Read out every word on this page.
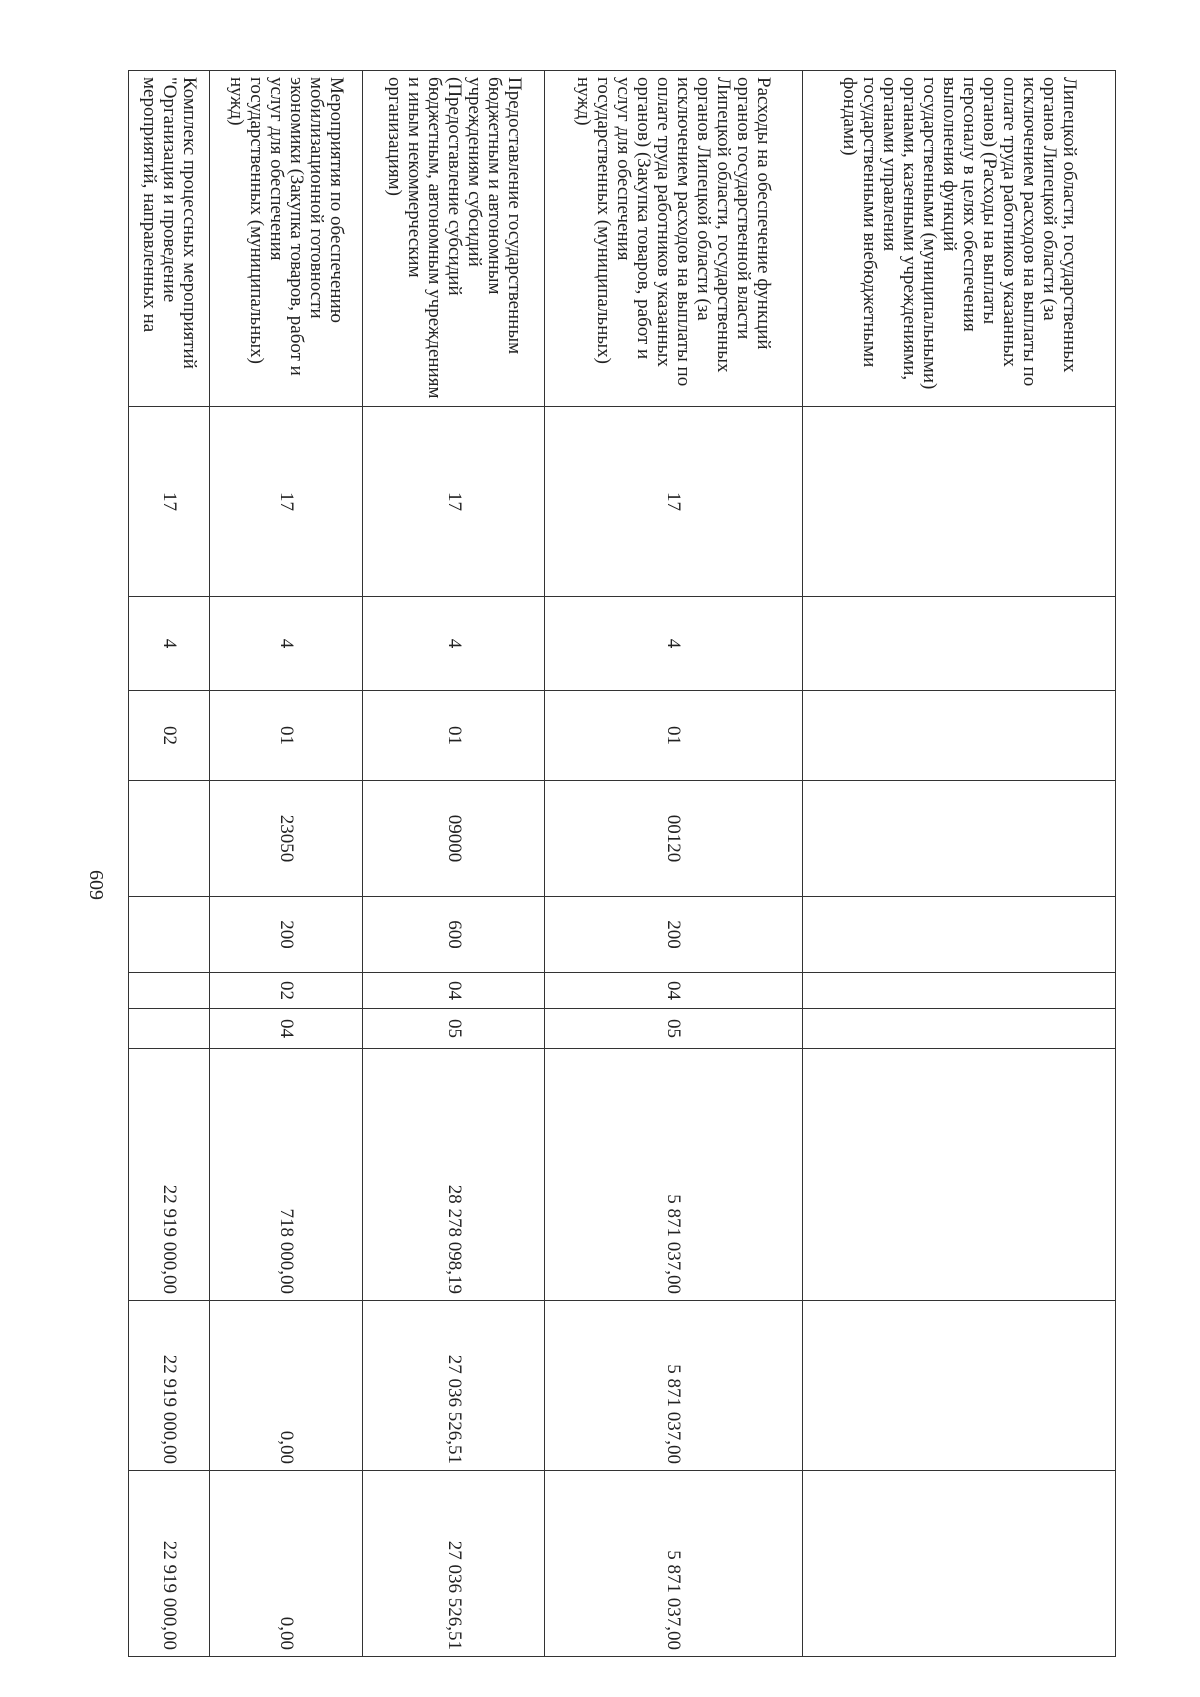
609
Липецкой области, государственных органов Липецкой области (за исключением расходов на выплаты по оплате труда работников указанных органов) (Расходы на выплаты персоналу в целях обеспечения выполнения функций государственными (муниципальными) органами, казенными учреждениями, органами управления государственными внебюджетными фондами)										
Расходы на обеспечение функций органов государственной власти Липецкой области, государственных органов Липецкой области (за исключением расходов на выплаты по оплате труда работников указанных органов) (Закупка товаров, работ и услуг для обеспечения государственных (муниципальных) нужд)	17	4	01	00120	200	04	05	5 871 037,00	5 871 037,00	5 871 037,00
Предоставление государственным бюджетным и автономным учреждениям субсидий (Предоставление субсидий бюджетным, автономным учреждениям и иным некоммерческим организациям)	17	4	01	09000	600	04	05	28 278 098,19	27 036 526,51	27 036 526,51
Мероприятия по обеспечению мобилизационной готовности экономики (Закупка товаров, работ и услуг для обеспечения государственных (муниципальных) нужд)	17	4	01	23050	200	02	04	718 000,00	0,00	0,00
Комплекс процессных мероприятий "Организация и проведение мероприятий, направленных на	17	4	02					22 919 000,00	22 919 000,00	22 919 000,00
